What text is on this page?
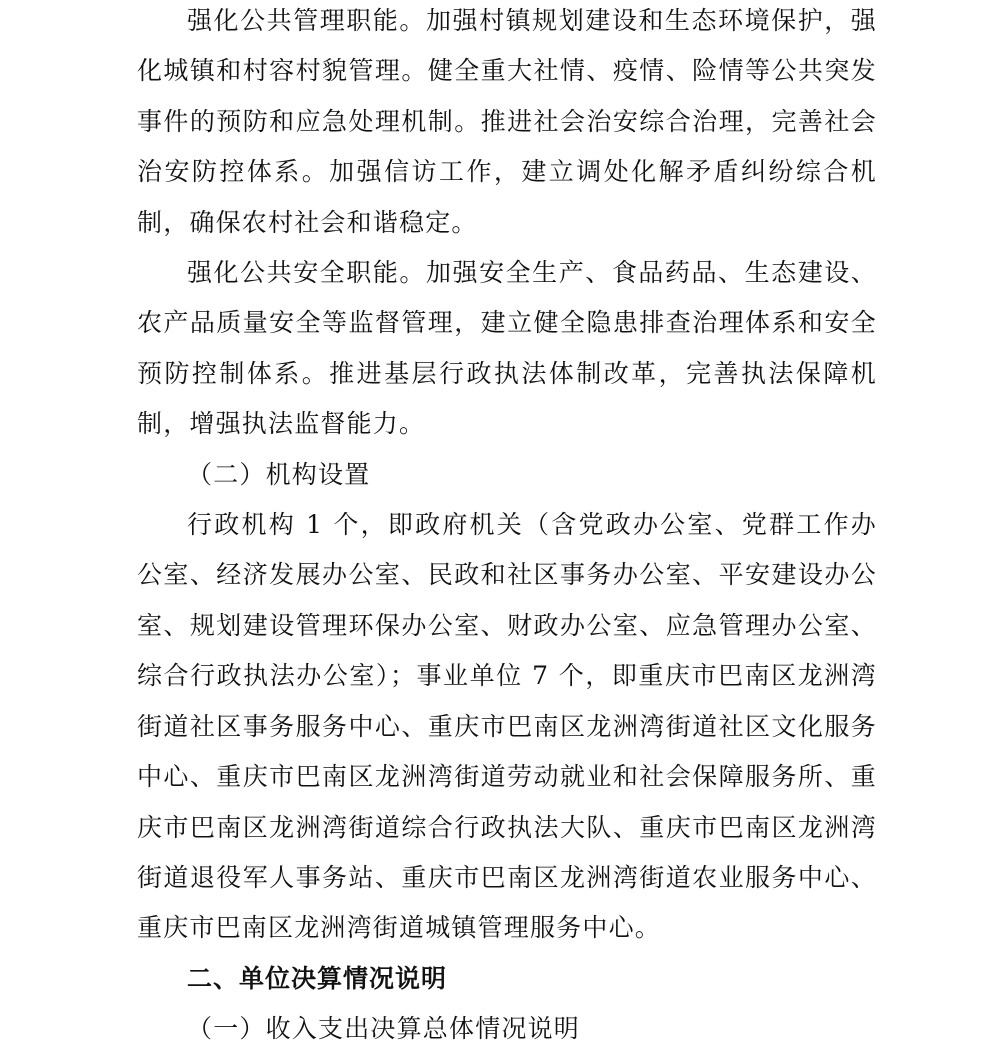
强化公共管理职能。加强村镇规划建设和生态环境保护，强化城镇和村容村貌管理。健全重大社情、疫情、险情等公共突发事件的预防和应急处理机制。推进社会治安综合治理，完善社会治安防控体系。加强信访工作，建立调处化解矛盾纠纷综合机制，确保农村社会和谐稳定。

强化公共安全职能。加强安全生产、食品药品、生态建设、农产品质量安全等监督管理，建立健全隐患排查治理体系和安全预防控制体系。推进基层行政执法体制改革，完善执法保障机制，增强执法监督能力。

（二）机构设置

行政机构 1 个，即政府机关（含党政办公室、党群工作办公室、经济发展办公室、民政和社区事务办公室、平安建设办公室、规划建设管理环保办公室、财政办公室、应急管理办公室、综合行政执法办公室）；事业单位 7 个，即重庆市巴南区龙洲湾街道社区事务服务中心、重庆市巴南区龙洲湾街道社区文化服务中心、重庆市巴南区龙洲湾街道劳动就业和社会保障服务所、重庆市巴南区龙洲湾街道综合行政执法大队、重庆市巴南区龙洲湾街道退役军人事务站、重庆市巴南区龙洲湾街道农业服务中心、重庆市巴南区龙洲湾街道城镇管理服务中心。

二、单位决算情况说明

（一）收入支出决算总体情况说明
